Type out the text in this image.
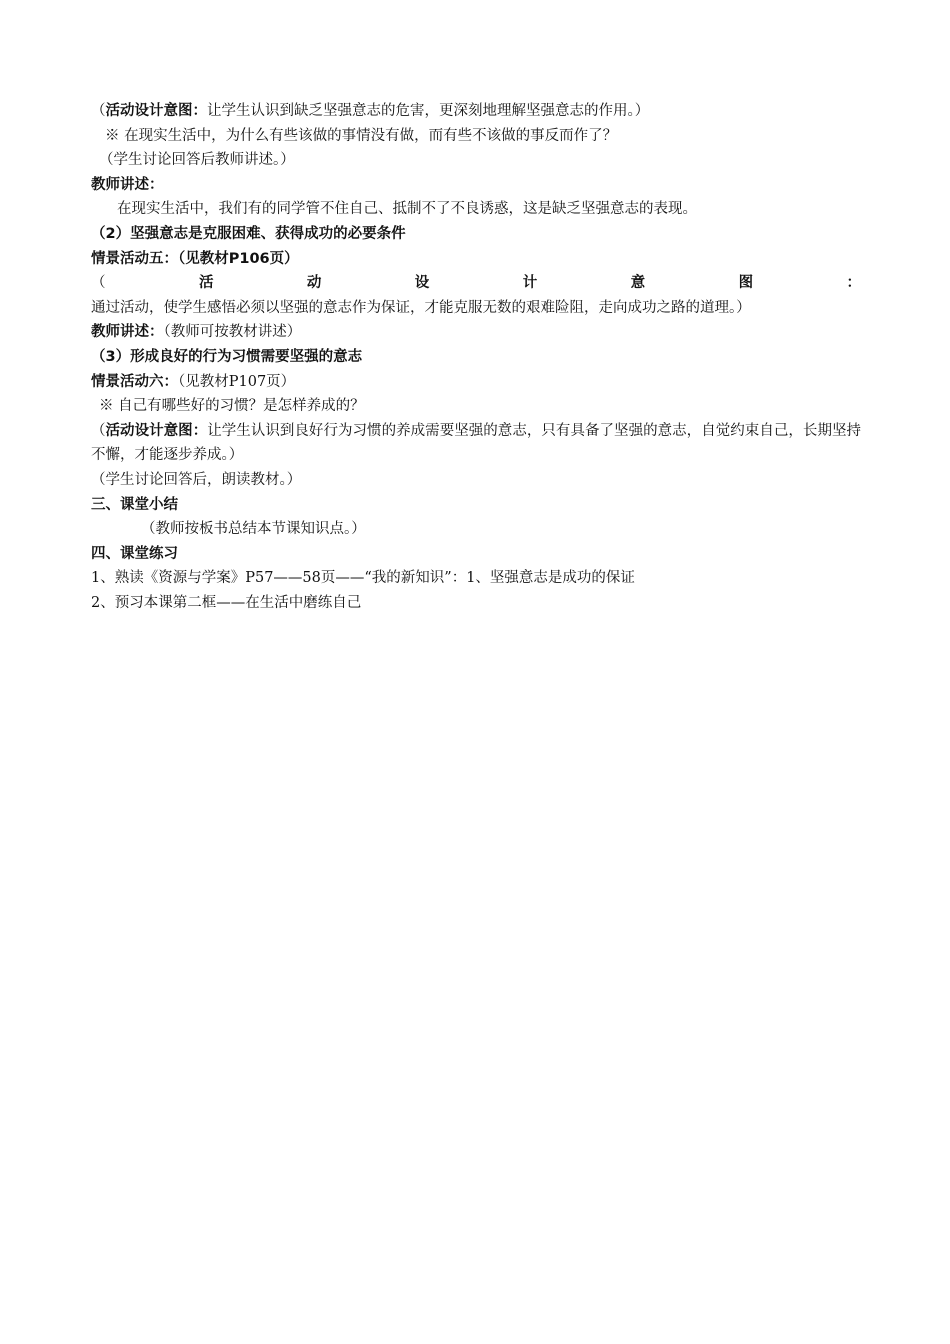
（活动设计意图：让学生认识到缺乏坚强意志的危害，更深刻地理解坚强意志的作用。）
※ 在现实生活中，为什么有些该做的事情没有做，而有些不该做的事反而作了？
（学生讨论回答后教师讲述。）
教师讲述：
在现实生活中，我们有的同学管不住自己、抵制不了不良诱惑，这是缺乏坚强意志的表现。
（2）坚强意志是克服困难、获得成功的必要条件
情景活动五：（见教材P106页）
（活动设计意图：通过活动，使学生感悟必须以坚强的意志作为保证，才能克服无数的艰难险阻，走向成功之路的道理。）
教师讲述：（教师可按教材讲述）
（3）形成良好的行为习惯需要坚强的意志
情景活动六：（见教材P107页）
※ 自己有哪些好的习惯？是怎样养成的？
（活动设计意图：让学生认识到良好行为习惯的养成需要坚强的意志，只有具备了坚强的意志，自觉约束自己，长期坚持不懈，才能逐步养成。）
（学生讨论回答后，朗读教材。）
三、课堂小结
（教师按板书总结本节课知识点。）
四、课堂练习
1、熟读《资源与学案》P57——58页——“我的新知识”：1、坚强意志是成功的保证
2、预习本课第二框——在生活中磨练自己
